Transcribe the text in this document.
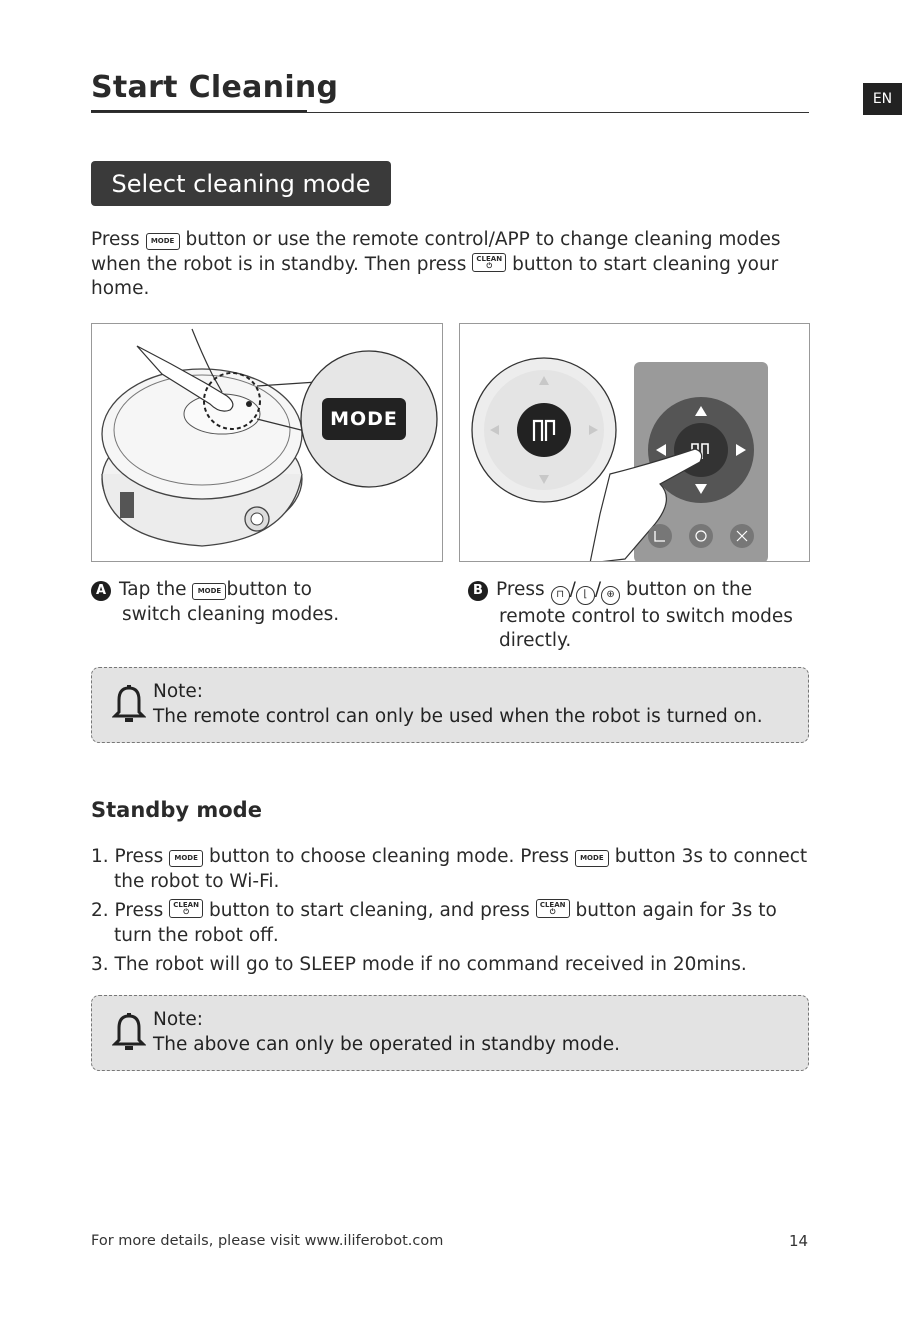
Start Cleaning	EN
Select cleaning mode
Press MODE button or use the remote control/APP to change cleaning modes
when the robot is in standby. Then press	CLEAN
⏻	button to start cleaning your
home.
MODE
A Tap the MODE button to
switch cleaning modes.
B Press ⊓ / ⌊ / ⊕ button on the
remote control to switch modes
directly.
Note:
The remote control can only be used when the robot is turned on.
Standby mode
1. Press MODE button to choose cleaning mode. Press MODE button 3s to connect
the robot to Wi-Fi.
2. Press	CLEAN
⏻	button to start cleaning, and press	CLEAN
⏻	button again for 3s to
turn the robot off.
3. The robot will go to SLEEP mode if no command received in 20mins.
Note:
The above can only be operated in standby mode.
For more details, please visit www.iliferobot.com	14
